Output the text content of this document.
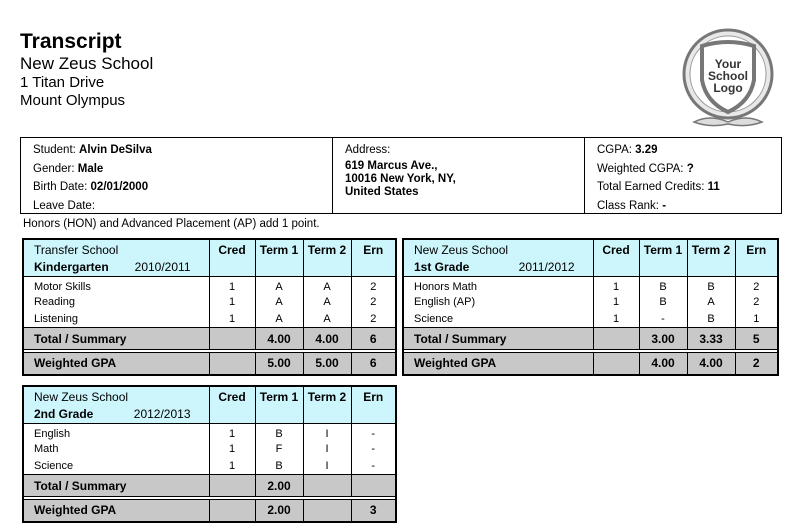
Transcript
New Zeus School
1 Titan Drive
Mount Olympus
Your
School
Logo
Student: Alvin DeSilva
Gender: Male
Birth Date: 02/01/2000
Leave Date:
Address:
619 Marcus Ave.,
10016 New York, NY,
United States
CGPA: 3.29
Weighted CGPA: ?
Total Earned Credits: 11
Class Rank: -
Honors (HON) and Advanced Placement (AP) add 1 point.
Transfer School
Kindergarten 2010/2011	Cred	Term 1	Term 2	Ern
Motor Skills	1	A	A	2
Reading	1	A	A	2
Listening	1	A	A	2
Total / Summary		4.00	4.00	6

Weighted GPA		5.00	5.00	6
New Zeus School
1st Grade 2011/2012	Cred	Term 1	Term 2	Ern
Honors Math	1	B	B	2
English (AP)	1	B	A	2
Science	1	-	B	1
Total / Summary		3.00	3.33	5

Weighted GPA		4.00	4.00	2
New Zeus School
2nd Grade 2012/2013	Cred	Term 1	Term 2	Ern
English	1	B	I	-
Math	1	F	I	-
Science	1	B	I	-
Total / Summary		2.00		

Weighted GPA		2.00		3
